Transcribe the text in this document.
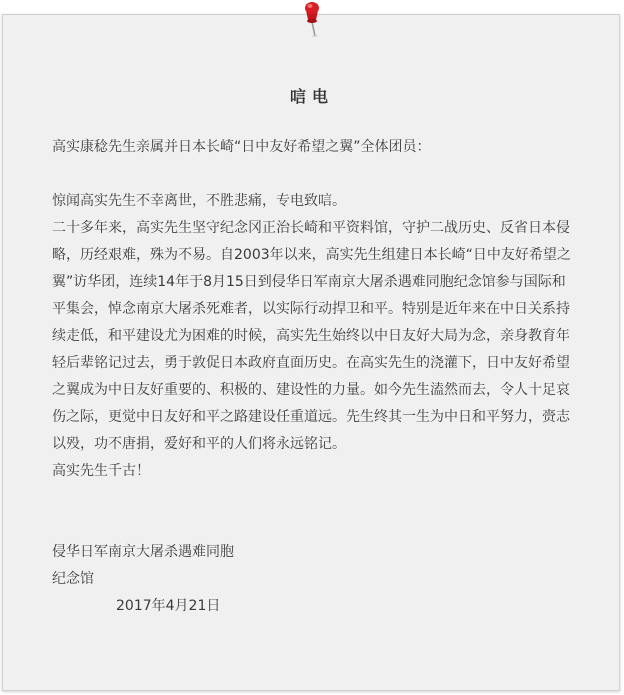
唁电
高实康稔先生亲属并日本长崎“日中友好希望之翼”全体团员：

惊闻高实先生不幸离世，不胜悲痛，专电致唁。

二十多年来，高实先生坚守纪念冈正治长崎和平资料馆，守护二战历史、反省日本侵略，历经艰难，殊为不易。自2003年以来，高实先生组建日本长崎“日中友好希望之翼”访华团，连续14年于8月15日到侵华日军南京大屠杀遇难同胞纪念馆参与国际和平集会，悼念南京大屠杀死难者，以实际行动捍卫和平。特别是近年来在中日关系持续走低，和平建设尤为困难的时候，高实先生始终以中日友好大局为念，亲身教育年轻后辈铭记过去，勇于敦促日本政府直面历史。在高实先生的浇灌下，日中友好希望之翼成为中日友好重要的、积极的、建设性的力量。如今先生溘然而去，令人十足哀伤之际，更觉中日友好和平之路建设任重道远。先生终其一生为中日和平努力，赍志以殁，功不唐捐，爱好和平的人们将永远铭记。

高实先生千古！

侵华日军南京大屠杀遇难同胞

纪念馆

2017年4月21日
